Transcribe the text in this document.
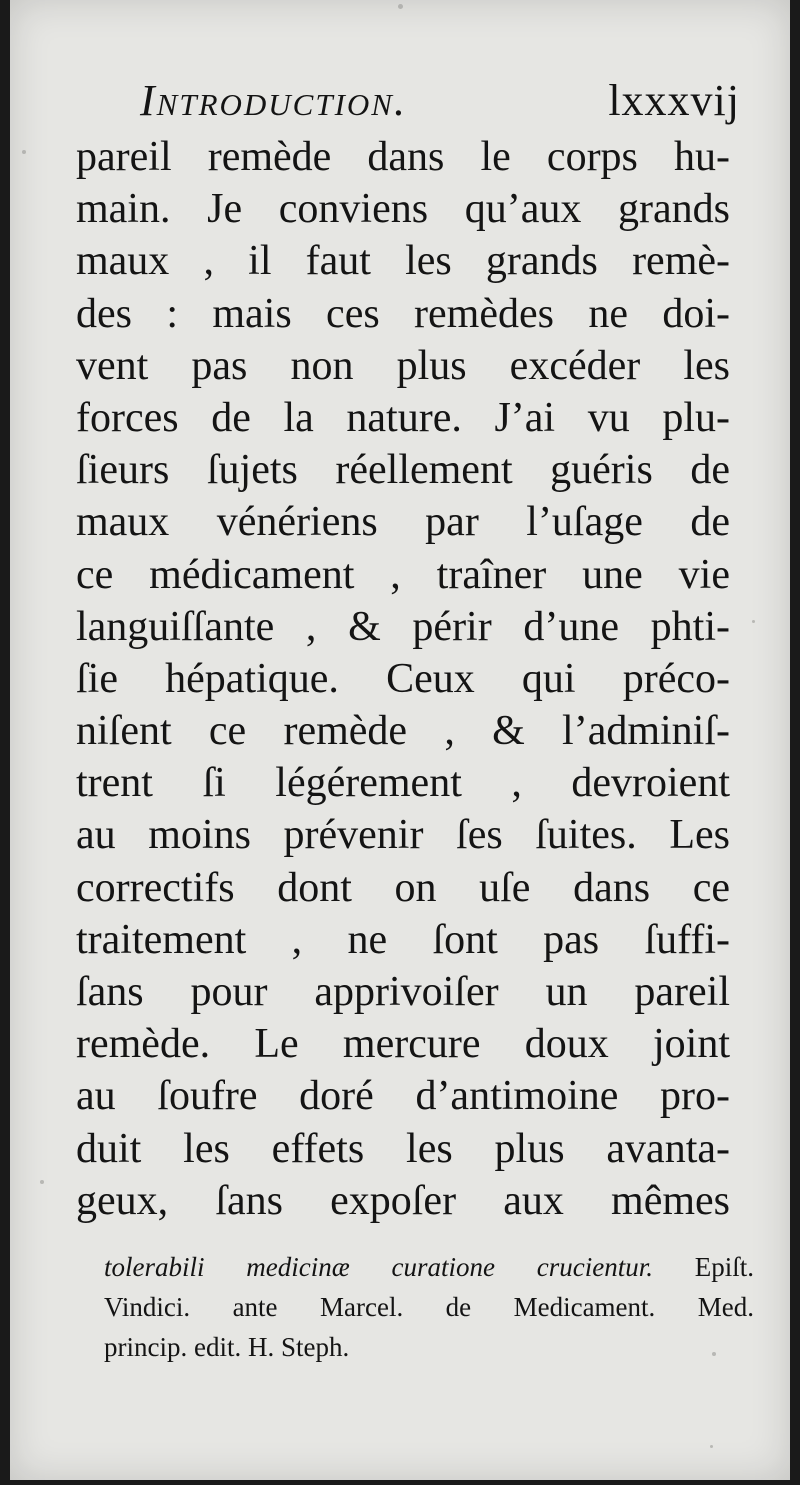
Introduction.	lxxxvij
pareil remède dans le corps hu-
main. Je conviens qu’aux grands
maux , il faut les grands remè-
des : mais ces remèdes ne doi-
vent pas non plus excéder les
forces de la nature. J’ai vu plu-
ſieurs ſujets réellement guéris de
maux vénériens par l’uſage de
ce médicament , traîner une vie
languiſſante , & périr d’une phti-
ſie hépatique. Ceux qui préco-
niſent ce remède , & l’adminiſ-
trent ſi légérement , devroient
au moins prévenir ſes ſuites. Les
correctifs dont on uſe dans ce
traitement , ne ſont pas ſuffi-
ſans pour apprivoiſer un pareil
remède. Le mercure doux joint
au ſoufre doré d’antimoine pro-
duit les effets les plus avanta-
geux, ſans expoſer aux mêmes
tolerabili medicinæ curatione crucientur. Epiſt.
Vindici. ante Marcel. de Medicament. Med.
princip. edit. H. Steph.
